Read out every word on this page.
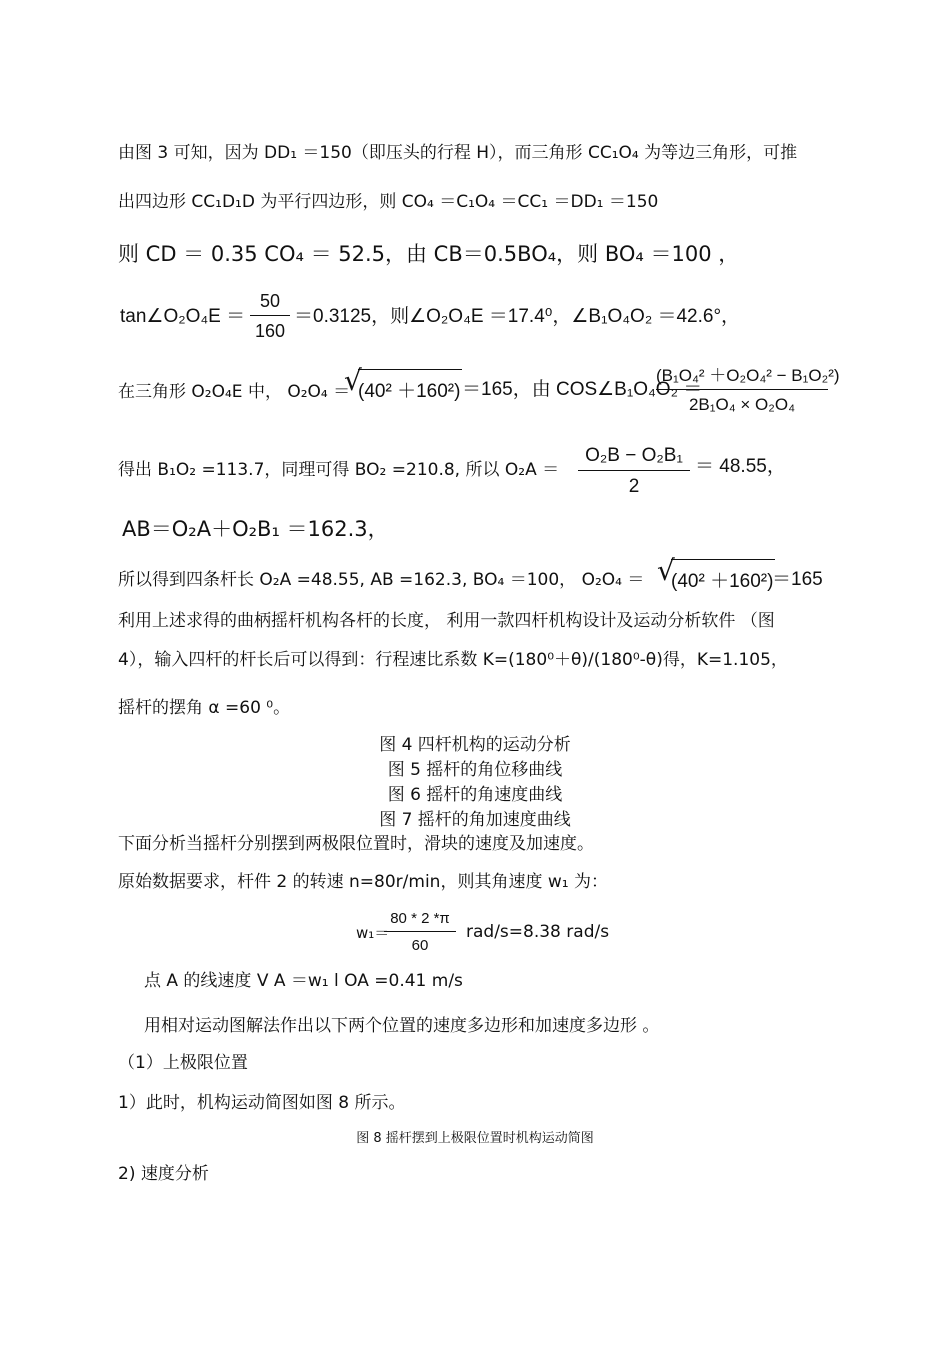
由图 3 可知，因为 DD₁ ＝150（即压头的行程 H），而三角形 CC₁O₄ 为等边三角形，可推
出四边形 CC₁D₁D 为平行四边形，则 CO₄ ＝C₁O₄ ＝CC₁ ＝DD₁ ＝150
则 CD ＝ 0.35 CO₄ ＝ 52.5，由 CB＝0.5BO₄，则 BO₄ ＝100 ，
tan∠O₂O₄E ＝
50
160
＝0.3125，则∠O₂O₄E ＝17.4⁰，∠B₁O₄O₂ ＝42.6°，
在三角形 O₂O₄E 中， O₂O₄ ＝
√
(40² ＋160²) ＝165，由 COS∠B₁O₄O₂ ＝
(B₁O₄² ＋O₂O₄² − B₁O₂²)
2B₁O₄ × O₂O₄
得出 B₁O₂ =113.7，同理可得 BO₂ =210.8, 所以 O₂A ＝
O₂B − O₂B₁
2
＝ 48.55，
AB＝O₂A＋O₂B₁ ＝162.3，
所以得到四条杆长 O₂A =48.55, AB =162.3, BO₄ ＝100， O₂O₄ ＝ √
(40² ＋160²)
＝165
利用上述求得的曲柄摇杆机构各杆的长度， 利用一款四杆机构设计及运动分析软件 （图
4），输入四杆的杆长后可以得到：行程速比系数 K=(180⁰＋θ)/(180⁰-θ)得，K=1.105，
摇杆的摆角 α =60 ⁰。
图 4 四杆机构的运动分析
图 5 摇杆的角位移曲线
图 6 摇杆的角速度曲线
图 7 摇杆的角加速度曲线
下面分析当摇杆分别摆到两极限位置时，滑块的速度及加速度。
原始数据要求，杆件 2 的转速 n=80r/min，则其角速度 w₁ 为：
w₁＝
80 * 2 *π
60
rad/s=8.38 rad/s
点 A 的线速度 V A ＝w₁ l OA =0.41 m/s
用相对运动图解法作出以下两个位置的速度多边形和加速度多边形 。
（1）上极限位置
1）此时，机构运动简图如图 8 所示。
图 8 摇杆摆到上极限位置时机构运动简图
2) 速度分析
